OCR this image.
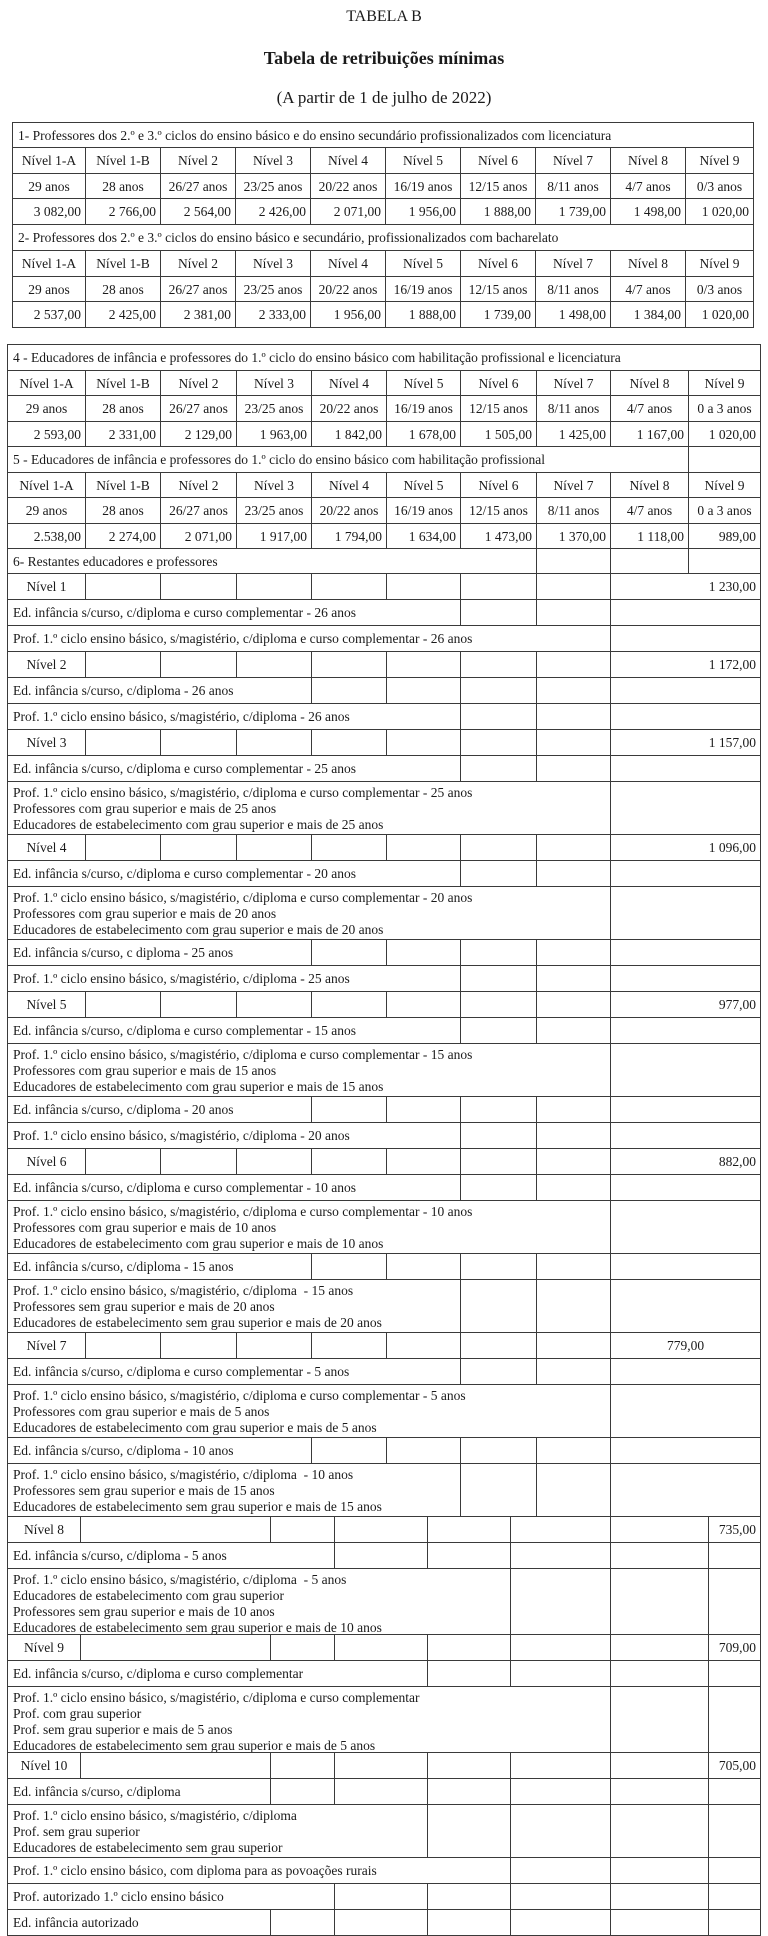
TABELA B
Tabela de retribuições mínimas
(A partir de 1 de julho de 2022)
1- Professores dos 2.º e 3.º ciclos do ensino básico e do ensino secundário profissionalizados com licenciatura
Nível 1-A	Nível 1-B	Nível 2	Nível 3	Nível 4	Nível 5	Nível 6	Nível 7	Nível 8	Nível 9
29 anos	28 anos	26/27 anos	23/25 anos	20/22 anos	16/19 anos	12/15 anos	8/11 anos	4/7 anos	0/3 anos
3 082,00	2 766,00	2 564,00	2 426,00	2 071,00	1 956,00	1 888,00	1 739,00	1 498,00	1 020,00
2- Professores dos 2.º e 3.º ciclos do ensino básico e secundário, profissionalizados com bacharelato
Nível 1-A	Nível 1-B	Nível 2	Nível 3	Nível 4	Nível 5	Nível 6	Nível 7	Nível 8	Nível 9
29 anos	28 anos	26/27 anos	23/25 anos	20/22 anos	16/19 anos	12/15 anos	8/11 anos	4/7 anos	0/3 anos
2 537,00	2 425,00	2 381,00	2 333,00	1 956,00	1 888,00	1 739,00	1 498,00	1 384,00	1 020,00
4 - Educadores de infância e professores do 1.º ciclo do ensino básico com habilitação profissional e licenciatura
Nível 1-A	Nível 1-B	Nível 2	Nível 3	Nível 4	Nível 5	Nível 6	Nível 7	Nível 8	Nível 9
29 anos	28 anos	26/27 anos	23/25 anos	20/22 anos	16/19 anos	12/15 anos	8/11 anos	4/7 anos	0 a 3 anos
2 593,00	2 331,00	2 129,00	1 963,00	1 842,00	1 678,00	1 505,00	1 425,00	1 167,00	1 020,00
5 - Educadores de infância e professores do 1.º ciclo do ensino básico com habilitação profissional
Nível 1-A	Nível 1-B	Nível 2	Nível 3	Nível 4	Nível 5	Nível 6	Nível 7	Nível 8	Nível 9
29 anos	28 anos	26/27 anos	23/25 anos	20/22 anos	16/19 anos	12/15 anos	8/11 anos	4/7 anos	0 a 3 anos
2.538,00	2 274,00	2 071,00	1 917,00	1 794,00	1 634,00	1 473,00	1 370,00	1 118,00	989,00
6- Restantes educadores e professores
Nível 1	1 230,00
Ed. infância s/curso, c/diploma e curso complementar - 26 anos
Prof. 1.º ciclo ensino básico, s/magistério, c/diploma e curso complementar - 26 anos
Nível 2	1 172,00
Ed. infância s/curso, c/diploma - 26 anos
Prof. 1.º ciclo ensino básico, s/magistério, c/diploma - 26 anos
Nível 3	1 157,00
Ed. infância s/curso, c/diploma e curso complementar - 25 anos
Prof. 1.º ciclo ensino básico, s/magistério, c/diploma e curso complementar - 25 anos
Professores com grau superior e mais de 25 anos
Educadores de estabelecimento com grau superior e mais de 25 anos
Nível 4	1 096,00
Ed. infância s/curso, c/diploma e curso complementar - 20 anos
Prof. 1.º ciclo ensino básico, s/magistério, c/diploma e curso complementar - 20 anos
Professores com grau superior e mais de 20 anos
Educadores de estabelecimento com grau superior e mais de 20 anos
Ed. infância s/curso, c diploma - 25 anos
Prof. 1.º ciclo ensino básico, s/magistério, c/diploma - 25 anos
Nível 5	977,00
Ed. infância s/curso, c/diploma e curso complementar - 15 anos
Prof. 1.º ciclo ensino básico, s/magistério, c/diploma e curso complementar - 15 anos
Professores com grau superior e mais de 15 anos
Educadores de estabelecimento com grau superior e mais de 15 anos
Ed. infância s/curso, c/diploma - 20 anos
Prof. 1.º ciclo ensino básico, s/magistério, c/diploma - 20 anos
Nível 6	882,00
Ed. infância s/curso, c/diploma e curso complementar - 10 anos
Prof. 1.º ciclo ensino básico, s/magistério, c/diploma e curso complementar - 10 anos
Professores com grau superior e mais de 10 anos
Educadores de estabelecimento com grau superior e mais de 10 anos
Ed. infância s/curso, c/diploma - 15 anos
Prof. 1.º ciclo ensino básico, s/magistério, c/diploma  - 15 anos
Professores sem grau superior e mais de 20 anos
Educadores de estabelecimento sem grau superior e mais de 20 anos
Nível 7	779,00
Ed. infância s/curso, c/diploma e curso complementar - 5 anos
Prof. 1.º ciclo ensino básico, s/magistério, c/diploma e curso complementar - 5 anos
Professores com grau superior e mais de 5 anos
Educadores de estabelecimento com grau superior e mais de 5 anos
Ed. infância s/curso, c/diploma - 10 anos
Prof. 1.º ciclo ensino básico, s/magistério, c/diploma  - 10 anos
Professores sem grau superior e mais de 15 anos
Educadores de estabelecimento sem grau superior e mais de 15 anos
Nível 8	735,00
Ed. infância s/curso, c/diploma - 5 anos
Prof. 1.º ciclo ensino básico, s/magistério, c/diploma  - 5 anos
Educadores de estabelecimento com grau superior
Professores sem grau superior e mais de 10 anos
Educadores de estabelecimento sem grau superior e mais de 10 anos
Nível 9	709,00
Ed. infância s/curso, c/diploma e curso complementar
Prof. 1.º ciclo ensino básico, s/magistério, c/diploma e curso complementar
Prof. com grau superior
Prof. sem grau superior e mais de 5 anos
Educadores de estabelecimento sem grau superior e mais de 5 anos
Nível 10	705,00
Ed. infância s/curso, c/diploma
Prof. 1.º ciclo ensino básico, s/magistério, c/diploma
Prof. sem grau superior
Educadores de estabelecimento sem grau superior
Prof. 1.º ciclo ensino básico, com diploma para as povoações rurais
Prof. autorizado 1.º ciclo ensino básico
Ed. infância autorizado
